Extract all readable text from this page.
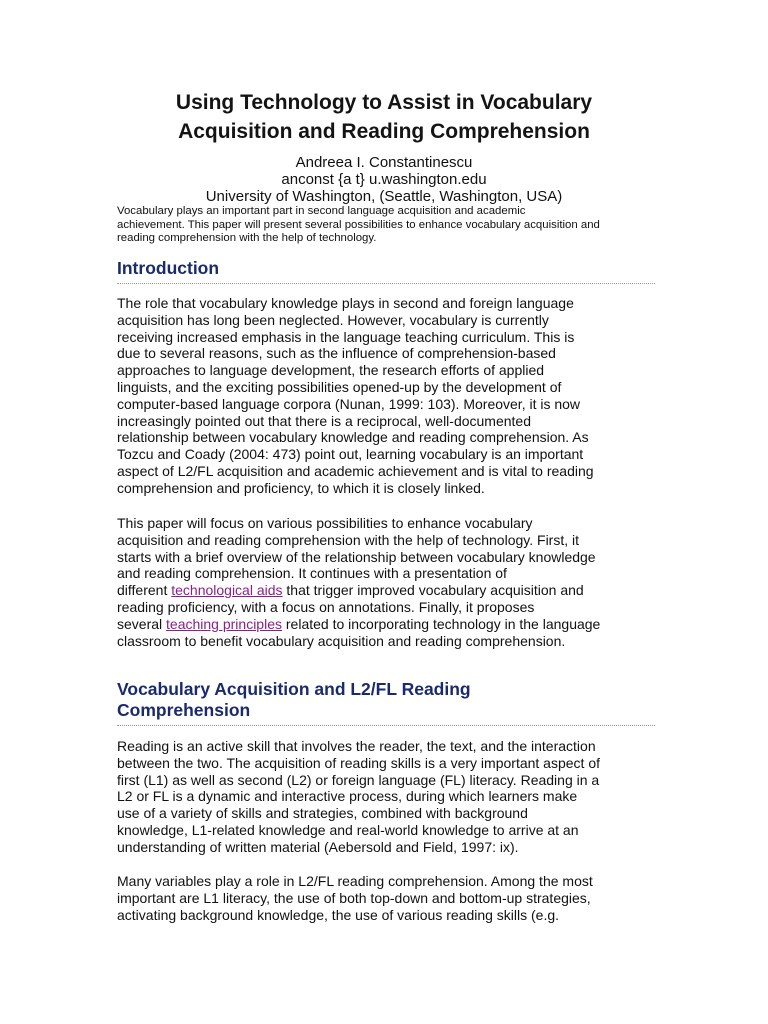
Using Technology to Assist in Vocabulary
Acquisition and Reading Comprehension
Andreea I. Constantinescu
anconst {a t} u.washington.edu
University of Washington, (Seattle, Washington, USA)
Vocabulary plays an important part in second language acquisition and academic
achievement. This paper will present several possibilities to enhance vocabulary acquisition and
reading comprehension with the help of technology.
Introduction
The role that vocabulary knowledge plays in second and foreign language
acquisition has long been neglected. However, vocabulary is currently
receiving increased emphasis in the language teaching curriculum. This is
due to several reasons, such as the influence of comprehension-based
approaches to language development, the research efforts of applied
linguists, and the exciting possibilities opened-up by the development of
computer-based language corpora (Nunan, 1999: 103). Moreover, it is now
increasingly pointed out that there is a reciprocal, well-documented
relationship between vocabulary knowledge and reading comprehension. As
Tozcu and Coady (2004: 473) point out, learning vocabulary is an important
aspect of L2/FL acquisition and academic achievement and is vital to reading
comprehension and proficiency, to which it is closely linked.
This paper will focus on various possibilities to enhance vocabulary
acquisition and reading comprehension with the help of technology. First, it
starts with a brief overview of the relationship between vocabulary knowledge
and reading comprehension. It continues with a presentation of
different technological aids that trigger improved vocabulary acquisition and
reading proficiency, with a focus on annotations. Finally, it proposes
several teaching principles related to incorporating technology in the language
classroom to benefit vocabulary acquisition and reading comprehension.
Vocabulary Acquisition and L2/FL Reading
Comprehension
Reading is an active skill that involves the reader, the text, and the interaction
between the two. The acquisition of reading skills is a very important aspect of
first (L1) as well as second (L2) or foreign language (FL) literacy. Reading in a
L2 or FL is a dynamic and interactive process, during which learners make
use of a variety of skills and strategies, combined with background
knowledge, L1-related knowledge and real-world knowledge to arrive at an
understanding of written material (Aebersold and Field, 1997: ix).
Many variables play a role in L2/FL reading comprehension. Among the most
important are L1 literacy, the use of both top-down and bottom-up strategies,
activating background knowledge, the use of various reading skills (e.g.
